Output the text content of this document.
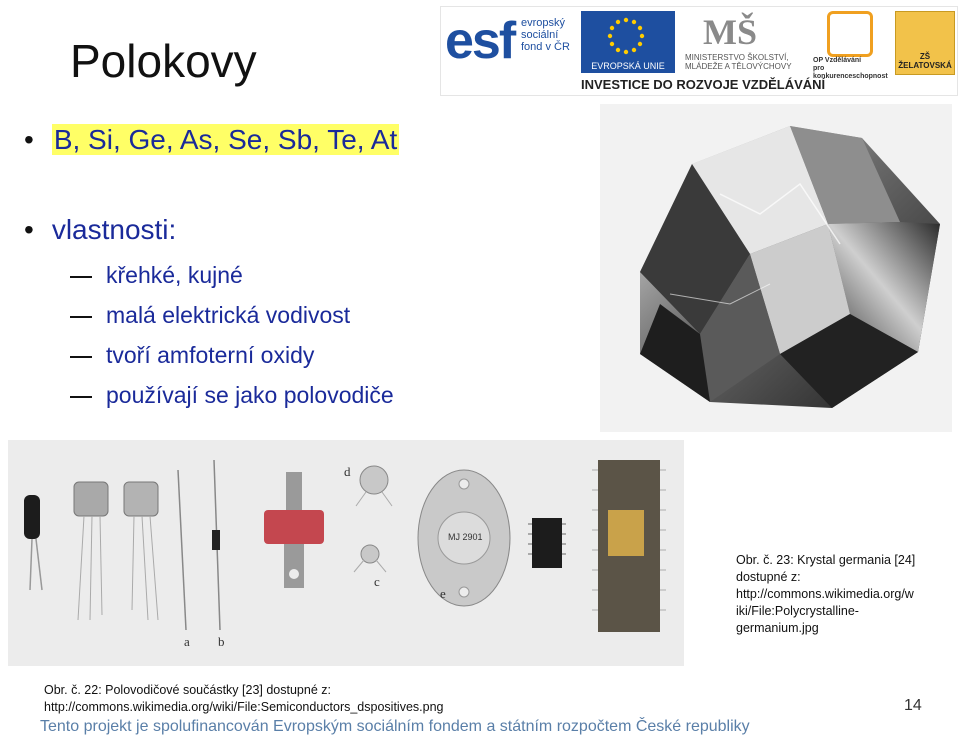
Polokovy	esf evropský
sociální
fond v ČR
EVROPSKÁ UNIE
MŠ
MINISTERSTVO ŠKOLSTVÍ,
MLÁDEŽE A TĚLOVÝCHOVY
OP Vzdělávání
pro konkurenceschopnost
ZŠ ŽELATOVSKÁ
INVESTICE DO ROZVOJE VZDĚLÁVÁNÍ
• B, Si, Ge, As, Se, Sb, Te, At
• vlastnosti:
křehké, kujné
malá elektrická vodivost
tvoří amfoterní oxidy
používají se jako polovodiče
MJ 2901
a b
c
d
e
Obr. č. 23: Krystal germania [24]
dostupné z:
http://commons.wikimedia.org/w
iki/File:Polycrystalline-
germanium.jpg
Obr. č. 22: Polovodičové součástky [23] dostupné z:
http://commons.wikimedia.org/wiki/File:Semiconductors_dspositives.png	14
Tento projekt je spolufinancován Evropským sociálním fondem a státním rozpočtem České republiky
